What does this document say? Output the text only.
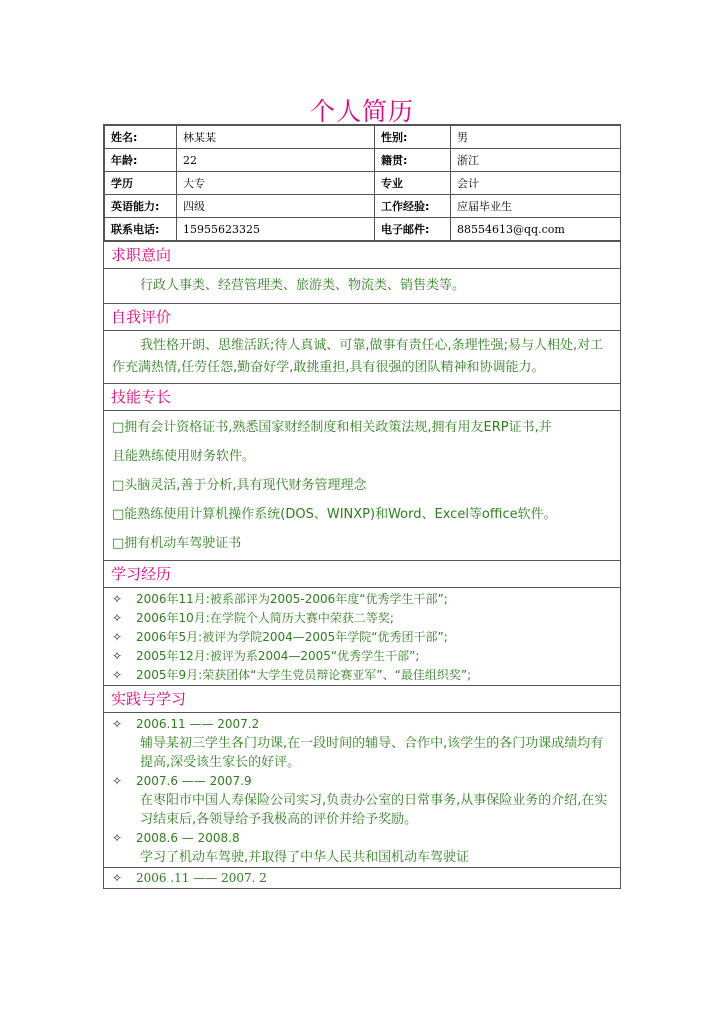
个人简历
姓名:	林某某	性别:	男
年龄:	22	籍贯:	浙江
学历	大专	专业	会计
英语能力:	四级	工作经验:	应届毕业生
联系电话:	15955623325	电子邮件:	88554613@qq.com
求职意向
行政人事类、经营管理类、旅游类、物流类、销售类等。
自我评价
我性格开朗、思维活跃;待人真诚、可靠,做事有责任心,条理性强;易与人相处,对工作充满热情,任劳任怨,勤奋好学,敢挑重担,具有很强的团队精神和协调能力。
技能专长
□拥有会计资格证书,熟悉国家财经制度和相关政策法规,拥有用友ERP证书,并
且能熟练使用财务软件。
□头脑灵活,善于分析,具有现代财务管理理念
□能熟练使用计算机操作系统(DOS、WINXP)和Word、Excel等office软件。
□拥有机动车驾驶证书
学习经历
✧	2006年11月:被系部评为2005-2006年度“优秀学生干部”;
✧	2006年10月:在学院个人简历大赛中荣获二等奖;
✧	2006年5月:被评为学院2004—2005年学院“优秀团干部”;
✧	2005年12月:被评为系2004—2005“优秀学生干部”;
✧	2005年9月:荣获团体“大学生党员辩论赛亚军”、“最佳组织奖”;
实践与学习
✧ 2006.11 —— 2007.2
辅导某初三学生各门功课,在一段时间的辅导、合作中,该学生的各门功课成绩均有提高,深受该生家长的好评。
✧ 2007.6 —— 2007.9
在枣阳市中国人寿保险公司实习,负责办公室的日常事务,从事保险业务的介绍,在实习结束后,各领导给予我极高的评价并给予奖励。
✧ 2008.6 — 2008.8
学习了机动车驾驶,并取得了中华人民共和国机动车驾驶证
✧ 2006 .11 —— 2007. 2
